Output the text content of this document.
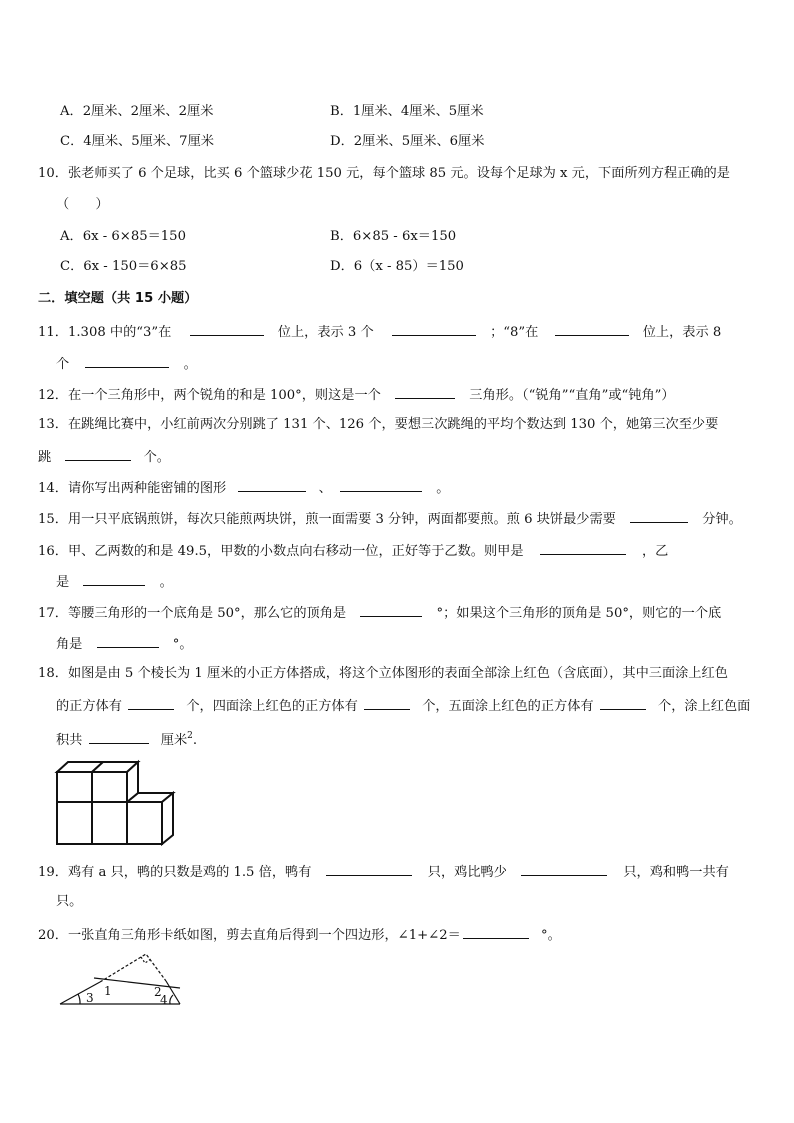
A．2厘米、2厘米、2厘米	B．1厘米、4厘米、5厘米
C．4厘米、5厘米、7厘米	D．2厘米、5厘米、6厘米
10．张老师买了 6 个足球，比买 6 个篮球少花 150 元，每个篮球 85 元。设每个足球为 x 元，下面所列方程正确的是
（　　）
A．6x - 6×85＝150	B．6×85 - 6x＝150
C．6x - 150＝6×85	D．6（x - 85）＝150
二．填空题（共 15 小题）
11．1.308 中的“3”在	位上，表示 3 个	；“8”在	位上，表示 8
个	。
12．在一个三角形中，两个锐角的和是 100°，则这是一个	三角形。（“锐角”“直角”或“钝角”）
13．在跳绳比赛中，小红前两次分别跳了 131 个、126 个，要想三次跳绳的平均个数达到 130 个，她第三次至少要
跳	个。
14．请你写出两种能密铺的图形	、	。
15．用一只平底锅煎饼，每次只能煎两块饼，煎一面需要 3 分钟，两面都要煎。煎 6 块饼最少需要	分钟。
16．甲、乙两数的和是 49.5，甲数的小数点向右移动一位，正好等于乙数。则甲是	，乙
是	。
17．等腰三角形的一个底角是 50°，那么它的顶角是	°；如果这个三角形的顶角是 50°，则它的一个底
角是	°。
18．如图是由 5 个棱长为 1 厘米的小正方体搭成，将这个立体图形的表面全部涂上红色（含底面），其中三面涂上红色
的正方体有	个，四面涂上红色的正方体有	个，五面涂上红色的正方体有	个，涂上红色面
积共	厘米$^2$.
19．鸡有 a 只，鸭的只数是鸡的 1.5 倍，鸭有	只，鸡比鸭少	只，鸡和鸭一共有
只。
20．一张直角三角形卡纸如图，剪去直角后得到一个四边形，∠1+∠2＝	°。
1	2
3	4
